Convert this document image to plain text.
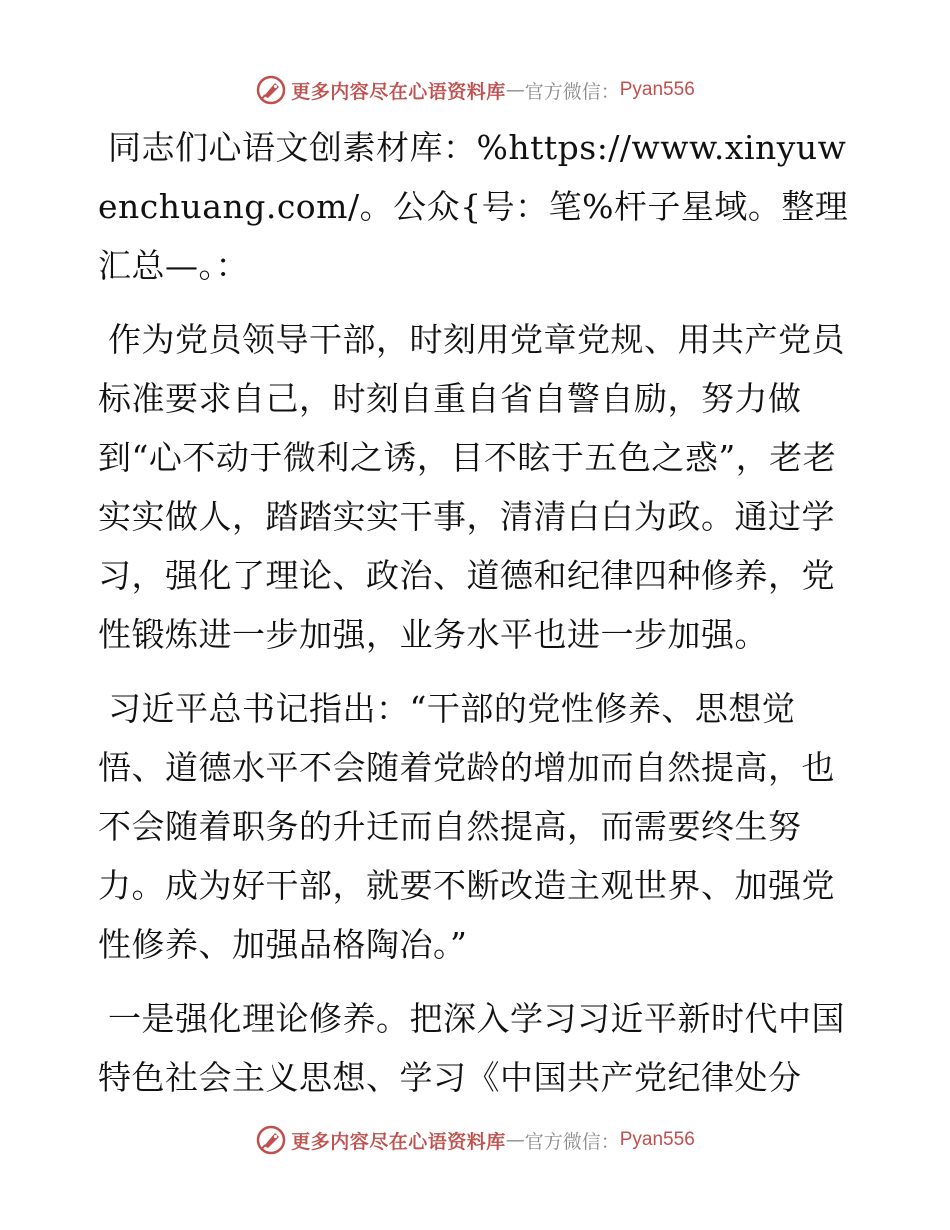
更多内容尽在心语资料库 — 官方微信： Pyan556

同志们心语文创素材库：%https://www.xinyuwenchuang.com/。公众{号：笔%杆子星域。整理汇总—。：

作为党员领导干部，时刻用党章党规、用共产党员标准要求自己，时刻自重自省自警自励，努力做到“心不动于微利之诱，目不眩于五色之惑”，老老实实做人，踏踏实实干事，清清白白为政。通过学习，强化了理论、政治、道德和纪律四种修养，党性锻炼进一步加强，业务水平也进一步加强。

习近平总书记指出：“干部的党性修养、思想觉悟、道德水平不会随着党龄的增加而自然提高，也不会随着职务的升迁而自然提高，而需要终生努力。成为好干部，就要不断改造主观世界、加强党性修养、加强品格陶冶。”

一是强化理论修养。把深入学习习近平新时代中国特色社会主义思想、学习《中国共产党纪律处分

更多内容尽在心语资料库 — 官方微信： Pyan556
